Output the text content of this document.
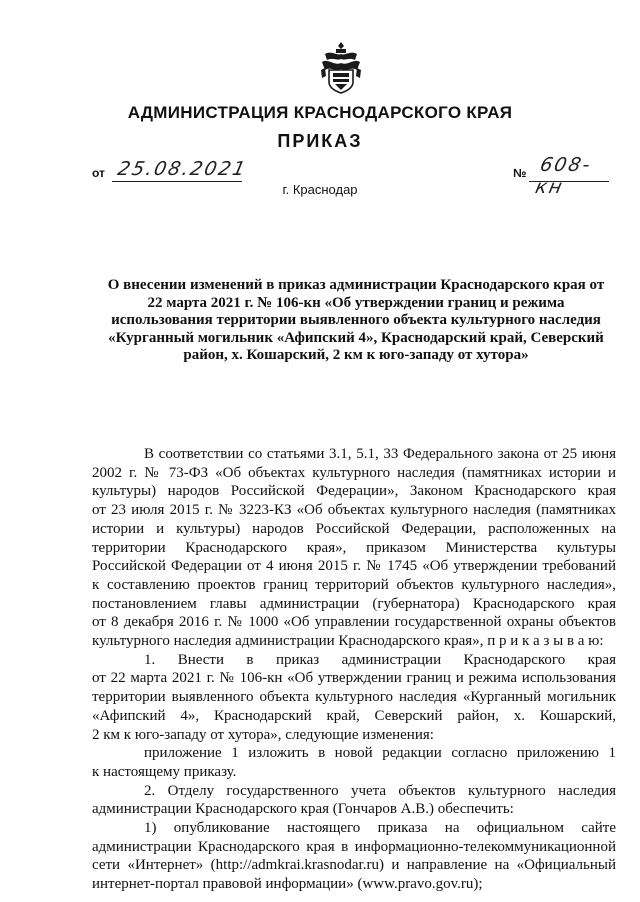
АДМИНИСТРАЦИЯ КРАСНОДАРСКОГО КРАЯ
ПРИКАЗ
от 25.08.2021	№ 608-кн
г. Краснодар
О внесении изменений в приказ администрации Краснодарского края от
22 марта 2021 г. № 106-кн «Об утверждении границ и режима
использования территории выявленного объекта культурного наследия
«Курганный могильник «Афипский 4», Краснодарский край, Северский
район, х. Кошарский, 2 км к юго-западу от хутора»
В соответствии со статьями 3.1, 5.1, 33 Федерального закона от 25 июня
2002 г. № 73-ФЗ «Об объектах культурного наследия (памятниках истории и
культуры) народов Российской Федерации», Законом Краснодарского края
от 23 июля 2015 г. № 3223-КЗ «Об объектах культурного наследия (памятниках
истории и культуры) народов Российской Федерации, расположенных на
территории Краснодарского края», приказом Министерства культуры
Российской Федерации от 4 июня 2015 г. № 1745 «Об утверждении требований
к составлению проектов границ территорий объектов культурного наследия»,
постановлением главы администрации (губернатора) Краснодарского края
от 8 декабря 2016 г. № 1000 «Об управлении государственной охраны объектов
культурного наследия администрации Краснодарского края», п р и к а з ы в а ю:
1. Внести в приказ администрации Краснодарского края
от 22 марта 2021 г. № 106-кн «Об утверждении границ и режима использования
территории выявленного объекта культурного наследия «Курганный могильник
«Афипский 4», Краснодарский край, Северский район, х. Кошарский,
2 км к юго-западу от хутора», следующие изменения:
приложение 1 изложить в новой редакции согласно приложению 1
к настоящему приказу.
2. Отделу государственного учета объектов культурного наследия
администрации Краснодарского края (Гончаров А.В.) обеспечить:
1) опубликование настоящего приказа на официальном сайте
администрации Краснодарского края в информационно-телекоммуникационной
сети «Интернет» (http://admkrai.krasnodar.ru) и направление на «Официальный
интернет-портал правовой информации» (www.pravo.gov.ru);
